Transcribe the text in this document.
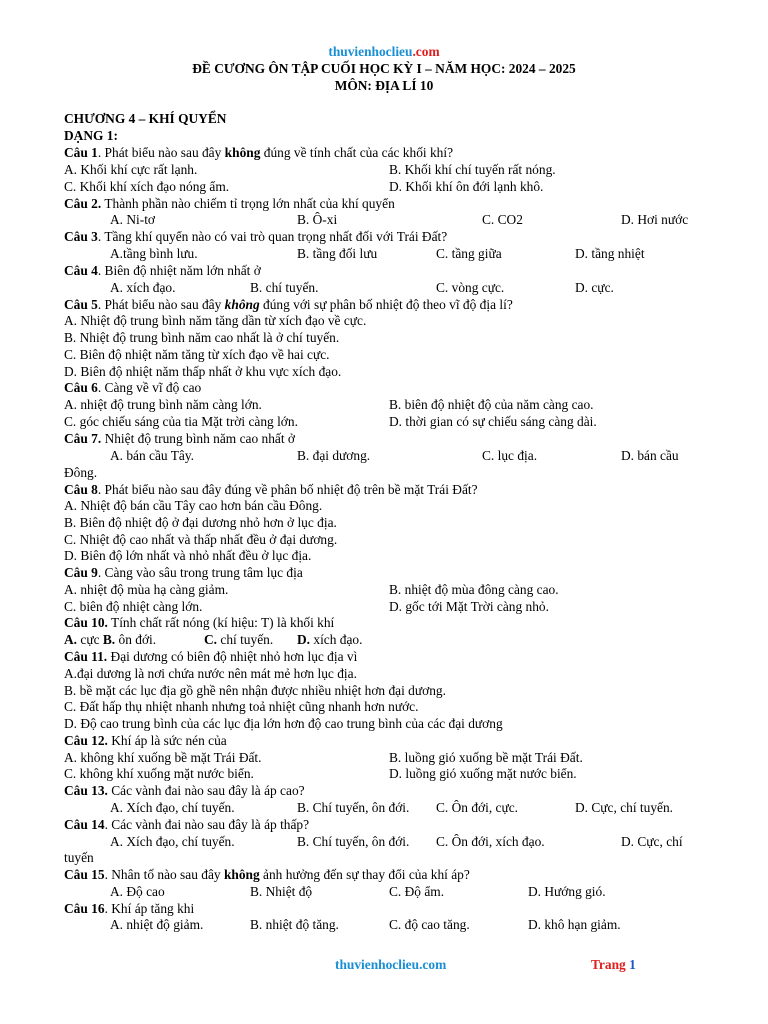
thuvienhoclieu.com
ĐỀ CƯƠNG ÔN TẬP CUỐI HỌC KỲ I – NĂM HỌC: 2024 – 2025
MÔN: ĐỊA LÍ 10
CHƯƠNG 4 – KHÍ QUYỂN
DẠNG 1:
Câu 1. Phát biểu nào sau đây không đúng về tính chất của các khối khí?
A. Khối khí cực rất lạnh.	B. Khối khí chí tuyến rất nóng.
C. Khối khí xích đạo nóng ẩm.	D. Khối khí ôn đới lạnh khô.
Câu 2. Thành phần nào chiếm tỉ trọng lớn nhất của khí quyển
A. Ni-tơ	B. Ô-xi	C. CO2	D. Hơi nước
Câu 3. Tầng khí quyển nào có vai trò quan trọng nhất đối với Trái Đất?
A.tầng bình lưu.	B. tầng đối lưu	C. tầng giữa	D. tầng nhiệt
Câu 4. Biên độ nhiệt năm lớn nhất ở
A. xích đạo.	B. chí tuyến.	C. vòng cực.	D. cực.
Câu 5. Phát biểu nào sau đây không đúng với sự phân bố nhiệt độ theo vĩ độ địa lí?
A. Nhiệt độ trung bình năm tăng dần từ xích đạo về cực.
B. Nhiệt độ trung bình năm cao nhất là ở chí tuyến.
C. Biên độ nhiệt năm tăng từ xích đạo về hai cực.
D. Biên độ nhiệt năm thấp nhất ở khu vực xích đạo.
Câu 6. Càng về vĩ độ cao
A. nhiệt độ trung bình năm càng lớn.	B. biên độ nhiệt độ của năm càng cao.
C. góc chiếu sáng của tia Mặt trời càng lớn.	D. thời gian có sự chiếu sáng càng dài.
Câu 7. Nhiệt độ trung bình năm cao nhất ở
A. bán cầu Tây.	B. đại dương.	C. lục địa.	D. bán cầu
Đông.
Câu 8. Phát biểu nào sau đây đúng về phân bố nhiệt độ trên bề mặt Trái Đất?
A. Nhiệt độ bán cầu Tây cao hơn bán cầu Đông.
B. Biên độ nhiệt độ ở đại dương nhỏ hơn ở lục địa.
C. Nhiệt độ cao nhất và thấp nhất đều ở đại dương.
D. Biên độ lớn nhất và nhỏ nhất đều ở lục địa.
Câu 9. Càng vào sâu trong trung tâm lục địa
A. nhiệt độ mùa hạ càng giảm.	B. nhiệt độ mùa đông càng cao.
C. biên độ nhiệt càng lớn.	D. gốc tới Mặt Trời càng nhỏ.
Câu 10. Tính chất rất nóng (kí hiệu: T) là khối khí
A. cực B. ôn đới.	C. chí tuyến. D. xích đạo.
Câu 11. Đại dương có biên độ nhiệt nhỏ hơn lục địa vì
A.đại dương là nơi chứa nước nên mát mẻ hơn lục địa.
B. bề mặt các lục địa gồ ghề nên nhận được nhiều nhiệt hơn đại dương.
C. Đất hấp thụ nhiệt nhanh nhưng toả nhiệt cũng nhanh hơn nước.
D. Độ cao trung bình của các lục địa lớn hơn độ cao trung bình của các đại dương
Câu 12. Khí áp là sức nén của
A. không khí xuống bề mặt Trái Đất.	B. luồng gió xuống bề mặt Trái Đất.
C. không khí xuống mặt nước biển.	D. luồng gió xuống mặt nước biển.
Câu 13. Các vành đai nào sau đây là áp cao?
A. Xích đạo, chí tuyến.	B. Chí tuyến, ôn đới. C. Ôn đới, cực.	D. Cực, chí tuyến.
Câu 14. Các vành đai nào sau đây là áp thấp?
A. Xích đạo, chí tuyến.	B. Chí tuyến, ôn đới. C. Ôn đới, xích đạo.	D. Cực, chí
tuyến
Câu 15. Nhân tố nào sau đây không ảnh hưởng đến sự thay đổi của khí áp?
A. Độ cao	B. Nhiệt độ	C. Độ ẩm.	D. Hướng gió.
Câu 16. Khí áp tăng khi
A. nhiệt độ giảm.	B. nhiệt độ tăng.	C. độ cao tăng.	D. khô hạn giảm.
thuvienhoclieu.com	Trang 1
